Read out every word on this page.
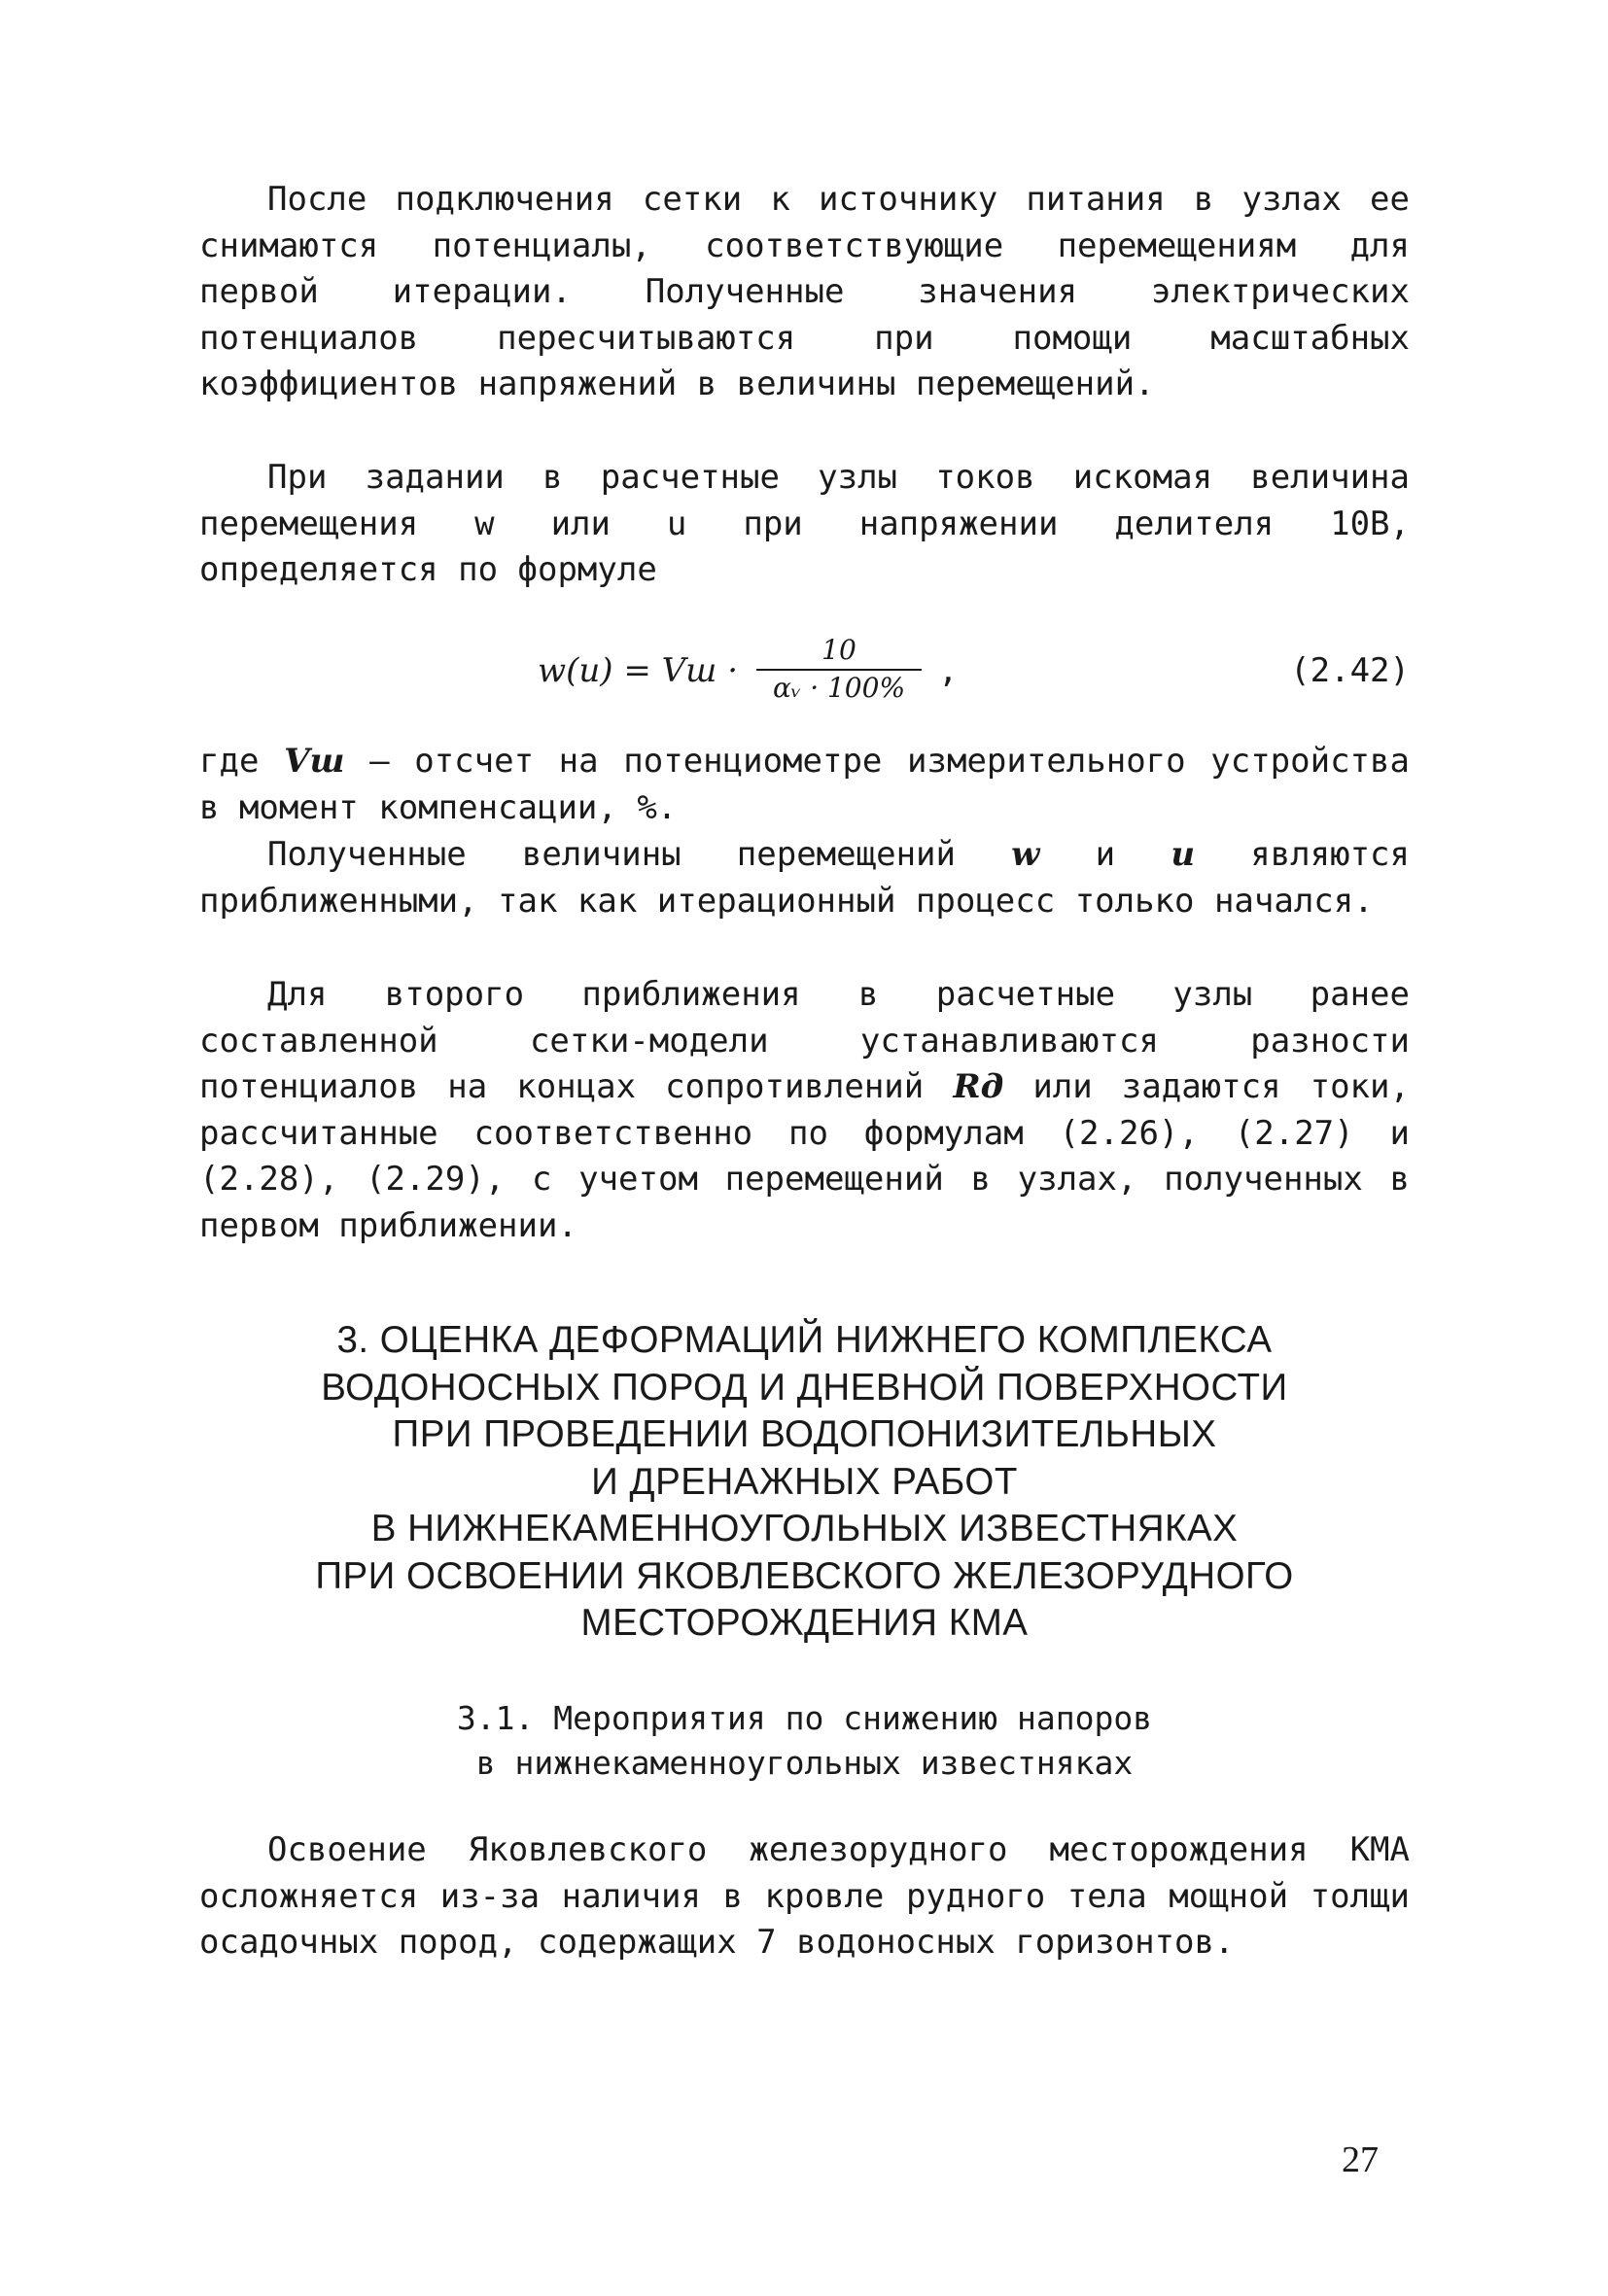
После подключения сетки к источнику питания в узлах ее снимаются потенциалы, соответствующие перемещениям для первой итерации. Полученные значения электрических потенциалов пересчитываются при помощи масштабных коэффициентов напряжений в величины перемещений.

При задании в расчетные узлы токов искомая величина перемещения w или u при напряжении делителя 10В, определяется по формуле

w(u) = Vш · $\frac{10}{\text{αᵥ · 100\%}}$ ,	(2.42)

где Vш – отсчет на потенциометре измерительного устройства в момент компенсации, %.

Полученные величины перемещений w и u являются приближенными, так как итерационный процесс только начался.

Для второго приближения в расчетные узлы ранее составленной сетки-модели устанавливаются разности потенциалов на концах сопротивлений Rд или задаются токи, рассчитанные соответственно по формулам (2.26), (2.27) и (2.28), (2.29), с учетом перемещений в узлах, полученных в первом приближении.

3. ОЦЕНКА ДЕФОРМАЦИЙ НИЖНЕГО КОМПЛЕКСА
ВОДОНОСНЫХ ПОРОД И ДНЕВНОЙ ПОВЕРХНОСТИ
ПРИ ПРОВЕДЕНИИ ВОДОПОНИЗИТЕЛЬНЫХ
И ДРЕНАЖНЫХ РАБОТ
В НИЖНЕКАМЕННОУГОЛЬНЫХ ИЗВЕСТНЯКАХ
ПРИ ОСВОЕНИИ ЯКОВЛЕВСКОГО ЖЕЛЕЗОРУДНОГО
МЕСТОРОЖДЕНИЯ КМА
3.1. Мероприятия по снижению напоров
в нижнекаменноугольных известняках

Освоение Яковлевского железорудного месторождения КМА осложняется из-за наличия в кровле рудного тела мощной толщи осадочных пород, содержащих 7 водоносных горизонтов.

27
